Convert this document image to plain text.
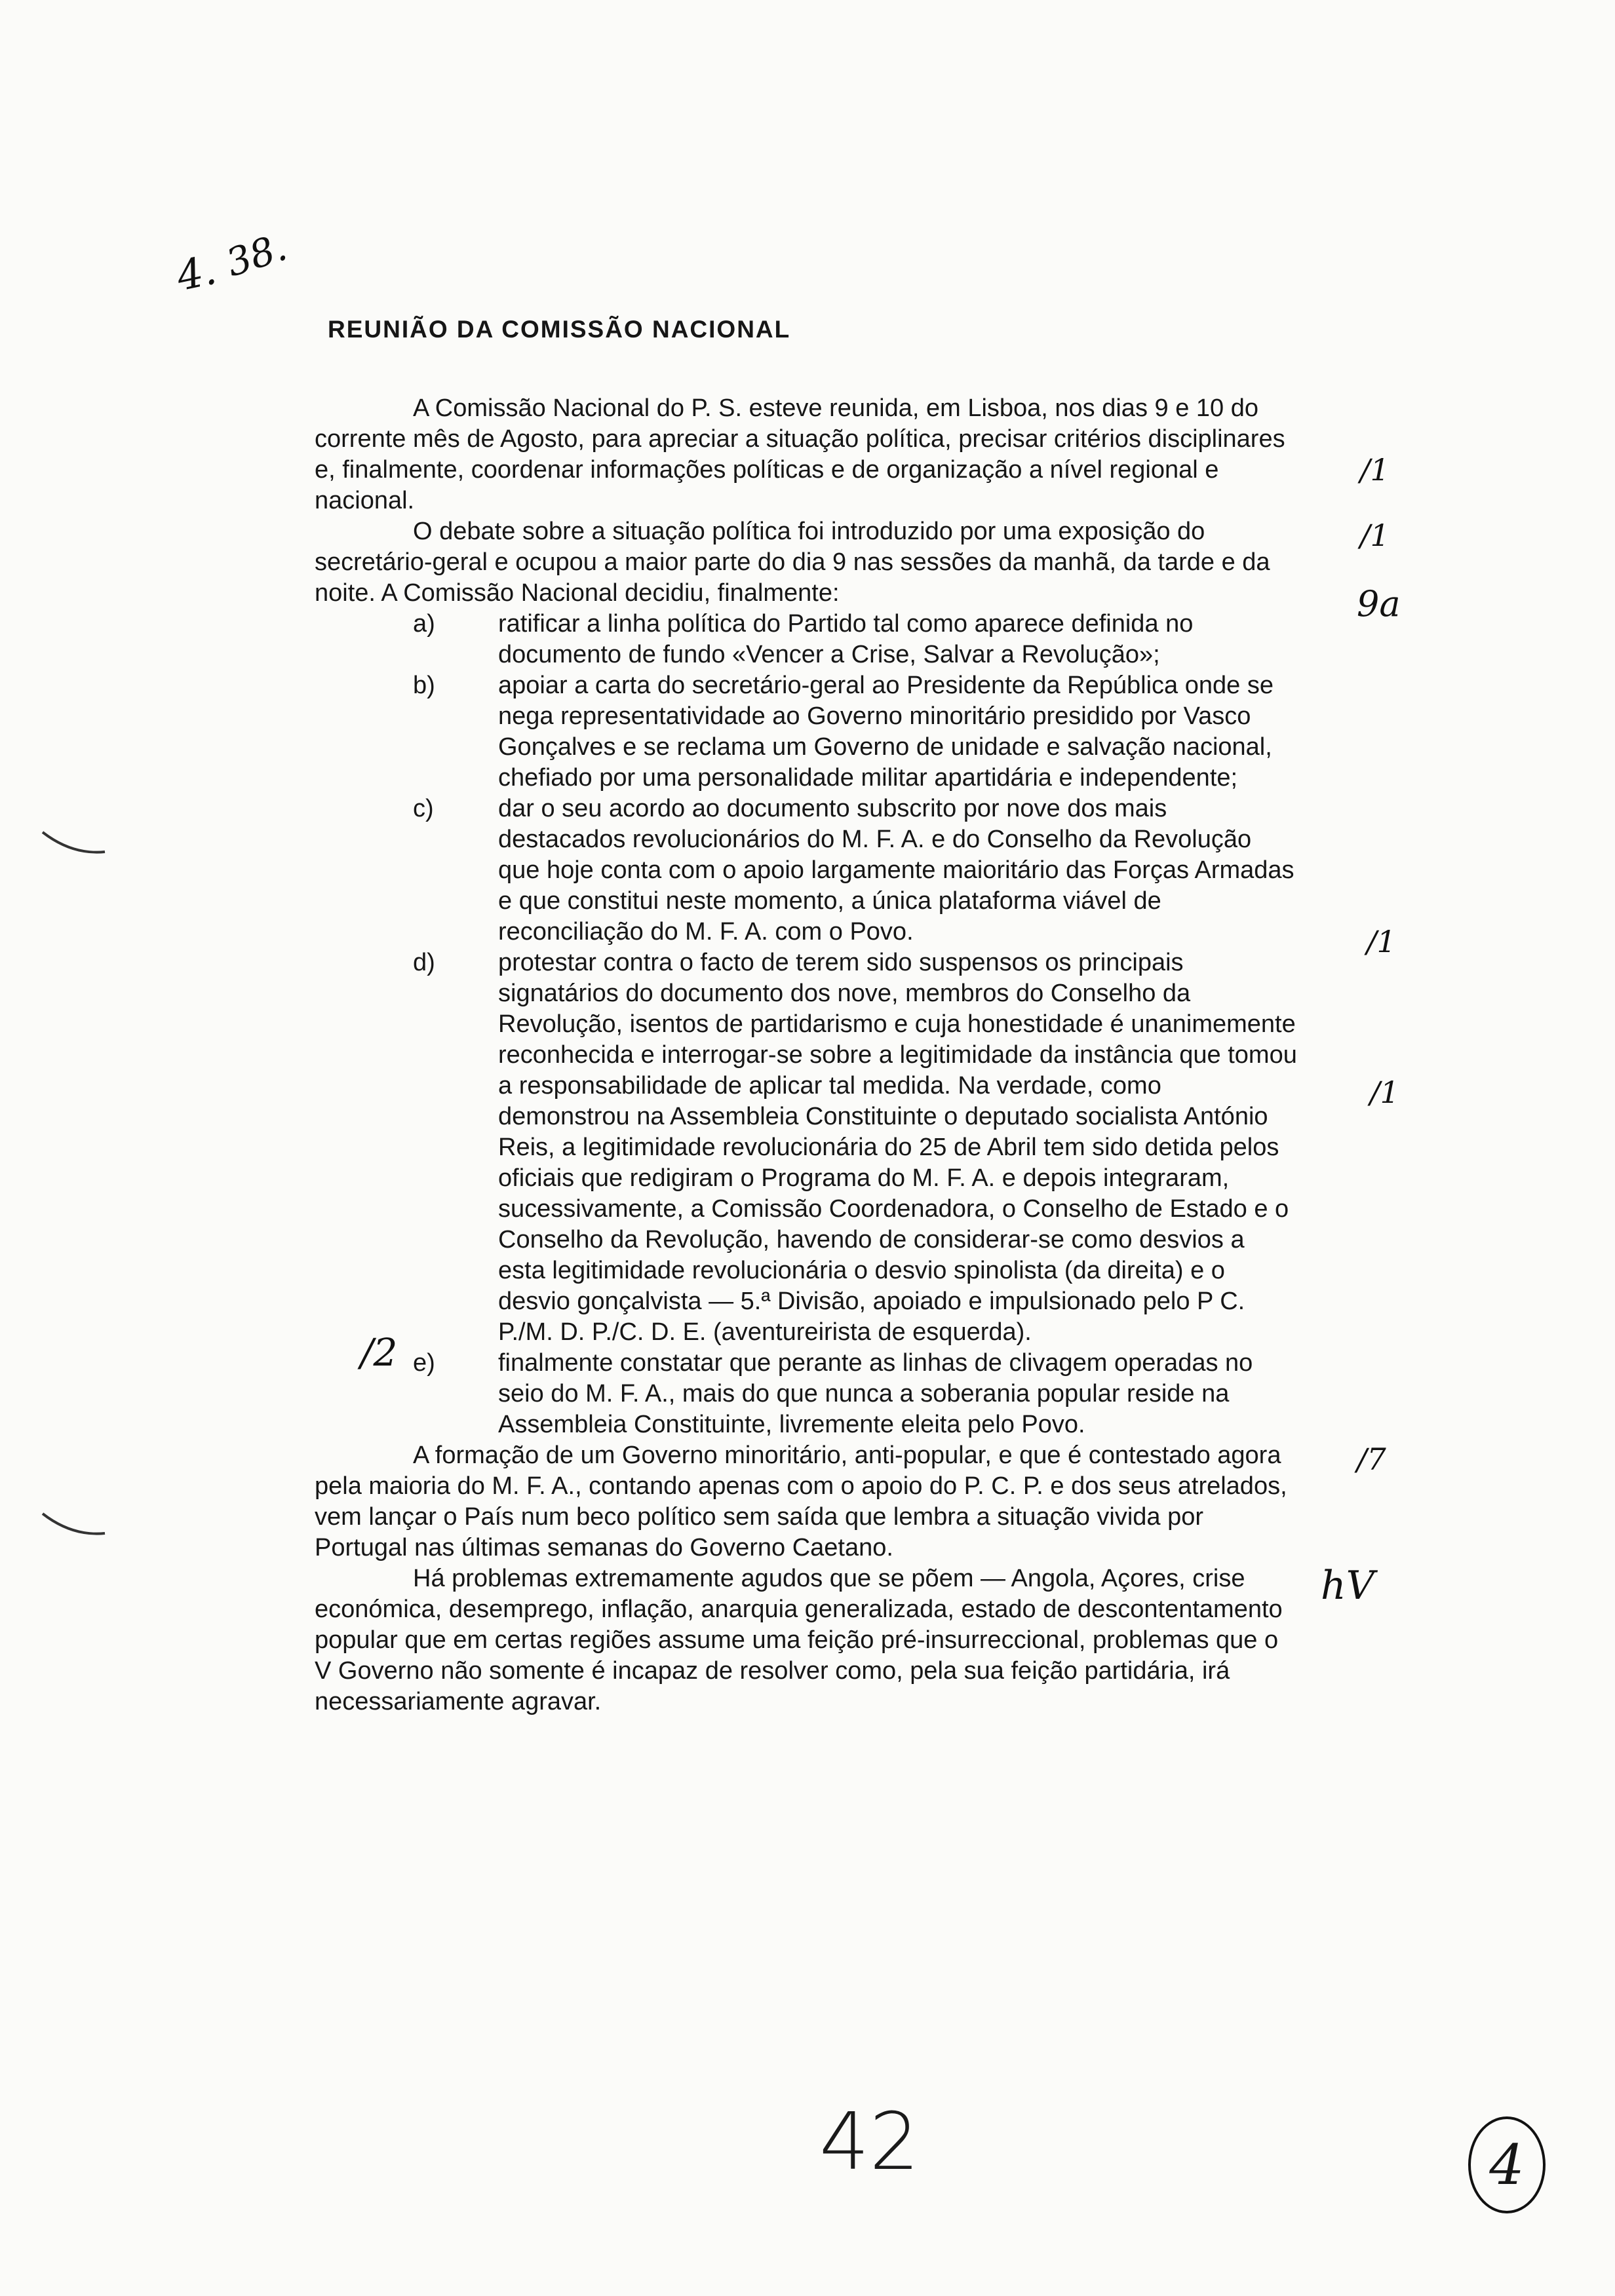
4. 38.
REUNIÃO DA COMISSÃO NACIONAL

A Comissão Nacional do P. S. esteve reunida, em Lisboa, nos dias 9 e 10 do corrente mês de Agosto, para apreciar a situação política, precisar critérios disciplinares e, finalmente, coordenar informações políticas e de organização a nível regional e nacional.

O debate sobre a situação política foi introduzido por uma exposição do secretário-geral e ocupou a maior parte do dia 9 nas sessões da manhã, da tarde e da noite. A Comissão Nacional decidiu, finalmente:

a)	ratificar a linha política do Partido tal como aparece definida no documento de fundo «Vencer a Crise, Salvar a Revolução»;
b)	apoiar a carta do secretário-geral ao Presidente da República onde se nega representatividade ao Governo minoritário presidido por Vasco Gonçalves e se reclama um Governo de unidade e salvação nacional, chefiado por uma personalidade militar apartidária e independente;
c)	dar o seu acordo ao documento subscrito por nove dos mais destacados revolucionários do M. F. A. e do Conselho da Revolução que hoje conta com o apoio largamente maioritário das Forças Armadas e que constitui neste momento, a única plataforma viável de reconciliação do M. F. A. com o Povo.
d)	protestar contra o facto de terem sido suspensos os principais signatários do documento dos nove, membros do Conselho da Revolução, isentos de partidarismo e cuja honestidade é unanimemente reconhecida e interrogar-se sobre a legitimidade da instância que tomou a responsabilidade de aplicar tal medida. Na verdade, como demonstrou na Assembleia Constituinte o deputado socialista António Reis, a legitimidade revolucionária do 25 de Abril tem sido detida pelos oficiais que redigiram o Programa do M. F. A. e depois integraram, sucessivamente, a Comissão Coordenadora, o Conselho de Estado e o Conselho da Revolução, havendo de considerar-se como desvios a esta legitimidade revolucionária o desvio spinolista (da direita) e o desvio gonçalvista — 5.ª Divisão, apoiado e impulsionado pelo P C. P./M. D. P./C. D. E. (aventureirista de esquerda).
e)	finalmente constatar que perante as linhas de clivagem operadas no seio do M. F. A., mais do que nunca a soberania popular reside na Assembleia Constituinte, livremente eleita pelo Povo.

A formação de um Governo minoritário, anti-popular, e que é contestado agora pela maioria do M. F. A., contando apenas com o apoio do P. C. P. e dos seus atrelados, vem lançar o País num beco político sem saída que lembra a situação vivida por Portugal nas últimas semanas do Governo Caetano.

Há problemas extremamente agudos que se põem — Angola, Açores, crise económica, desemprego, inflação, anarquia generalizada, estado de descontentamento popular que em certas regiões assume uma feição pré-insurreccional, problemas que o V Governo não somente é incapaz de resolver como, pela sua feição partidária, irá necessariamente agravar.

/1
/1
9a
/1
/1
/2
/7
hV
42	4
